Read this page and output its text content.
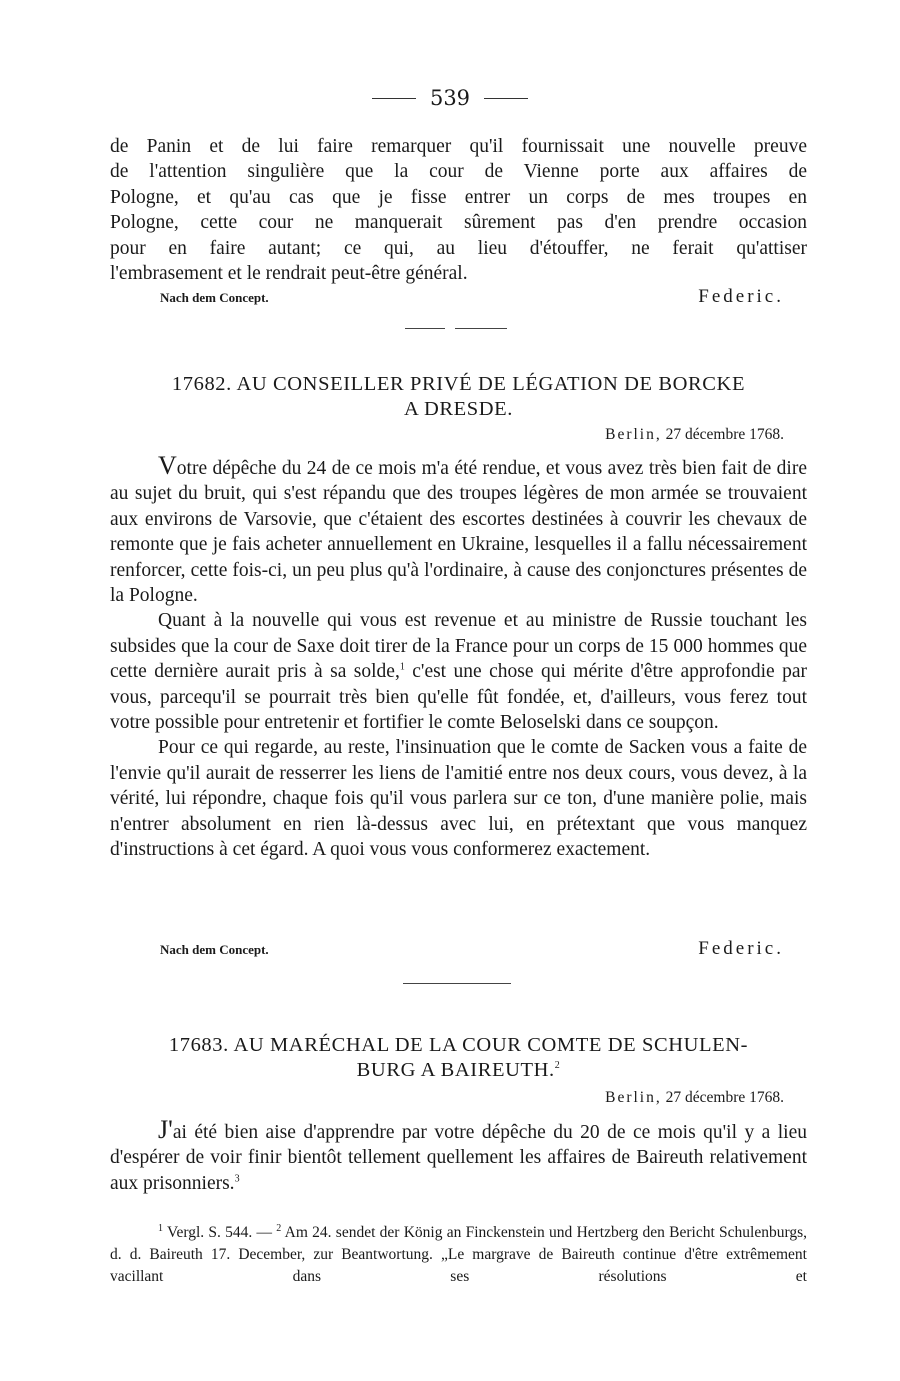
539
de Panin et de lui faire remarquer qu'il fournissait une nouvelle preuve
de l'attention singulière que la cour de Vienne porte aux affaires de
Pologne, et qu'au cas que je fisse entrer un corps de mes troupes en
Pologne, cette cour ne manquerait sûrement pas d'en prendre occasion
pour en faire autant; ce qui, au lieu d'étouffer, ne ferait qu'attiser
l'embrasement et le rendrait peut-être général.
Nach dem Concept.	Federic.
17682. AU CONSEILLER PRIVÉ DE LÉGATION DE BORCKE
A DRESDE.
Berlin, 27 décembre 1768.

Votre dépêche du 24 de ce mois m'a été rendue, et vous avez très bien fait de dire au sujet du bruit, qui s'est répandu que des troupes légères de mon armée se trouvaient aux environs de Varsovie, que c'étaient des escortes destinées à couvrir les chevaux de remonte que je fais acheter annuellement en Ukraine, lesquelles il a fallu nécessairement renforcer, cette fois-ci, un peu plus qu'à l'ordinaire, à cause des conjonctures présentes de la Pologne.

Quant à la nouvelle qui vous est revenue et au ministre de Russie touchant les subsides que la cour de Saxe doit tirer de la France pour un corps de 15 000 hommes que cette dernière aurait pris à sa solde,$^1$ c'est une chose qui mérite d'être approfondie par vous, parcequ'il se pourrait très bien qu'elle fût fondée, et, d'ailleurs, vous ferez tout votre possible pour entretenir et fortifier le comte Beloselski dans ce soupçon.

Pour ce qui regarde, au reste, l'insinuation que le comte de Sacken vous a faite de l'envie qu'il aurait de resserrer les liens de l'amitié entre nos deux cours, vous devez, à la vérité, lui répondre, chaque fois qu'il vous parlera sur ce ton, d'une manière polie, mais n'entrer absolument en rien là-dessus avec lui, en prétextant que vous manquez d'instructions à cet égard. A quoi vous vous conformerez exactement.

Nach dem Concept.	Federic.
17683. AU MARÉCHAL DE LA COUR COMTE DE SCHULEN-
BURG A BAIREUTH.$^2$
Berlin, 27 décembre 1768.

J'ai été bien aise d'apprendre par votre dépêche du 20 de ce mois qu'il y a lieu d'espérer de voir finir bientôt tellement quellement les affaires de Baireuth relativement aux prisonniers.$^3$

$^1$ Vergl. S. 544. — $^2$ Am 24. sendet der König an Finckenstein und Hertzberg den Bericht Schulenburgs, d. d. Baireuth 17. December, zur Beantwortung. „Le margrave de Baireuth continue d'être extrêmement vacillant dans ses résolutions et
